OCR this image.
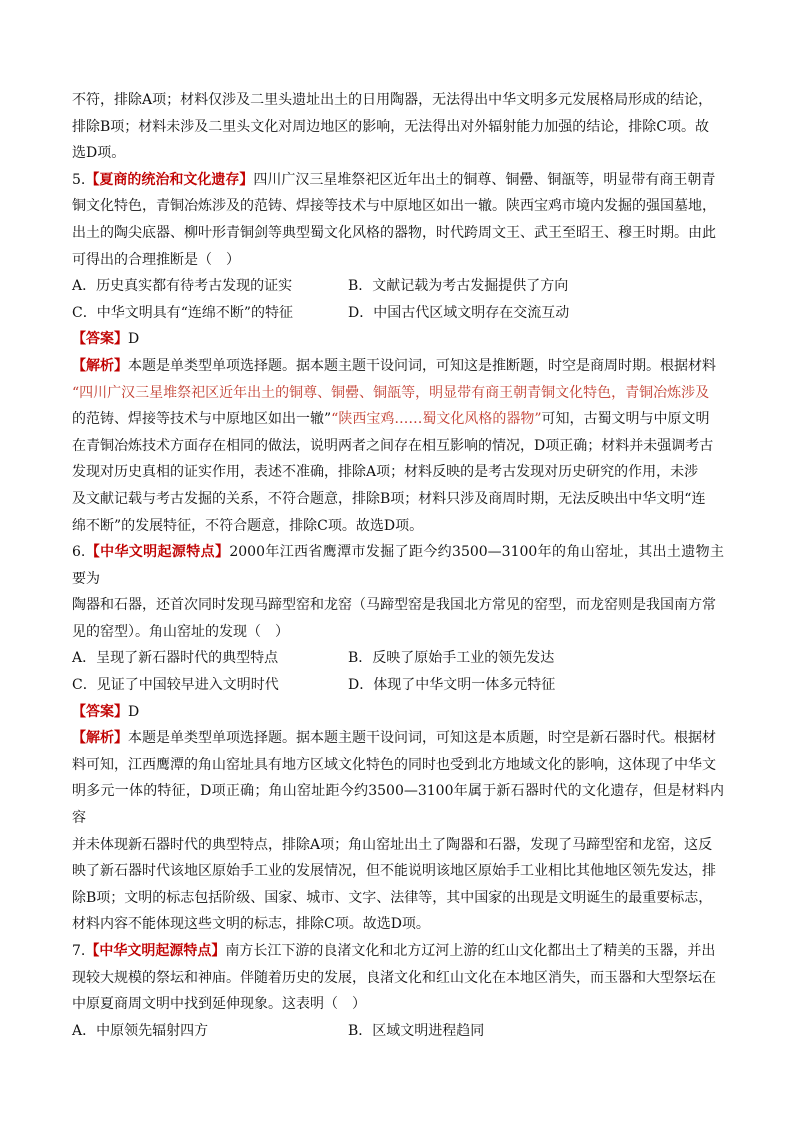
不符，排除A项；材料仅涉及二里头遗址出土的日用陶器，无法得出中华文明多元发展格局形成的结论，

排除B项；材料未涉及二里头文化对周边地区的影响，无法得出对外辐射能力加强的结论，排除C项。故

选D项。

5.【夏商的统治和文化遗存】四川广汉三星堆祭祀区近年出土的铜尊、铜罍、铜瓿等，明显带有商王朝青

铜文化特色，青铜冶炼涉及的范铸、焊接等技术与中原地区如出一辙。陕西宝鸡市境内发掘的强国墓地，

出土的陶尖底器、柳叶形青铜剑等典型蜀文化风格的器物，时代跨周文王、武王至昭王、穆王时期。由此

可得出的合理推断是（　）

A．历史真实都有待考古发现的证实	B．文献记载为考古发掘提供了方向
C．中华文明具有“连绵不断”的特征	D．中国古代区域文明存在交流互动

【答案】D

【解析】本题是单类型单项选择题。据本题主题干设问词，可知这是推断题，时空是商周时期。根据材料

“四川广汉三星堆祭祀区近年出土的铜尊、铜罍、铜瓿等，明显带有商王朝青铜文化特色，青铜冶炼涉及

的范铸、焊接等技术与中原地区如出一辙”“陕西宝鸡……蜀文化风格的器物”可知，古蜀文明与中原文明

在青铜冶炼技术方面存在相同的做法，说明两者之间存在相互影响的情况，D项正确；材料并未强调考古

发现对历史真相的证实作用，表述不准确，排除A项；材料反映的是考古发现对历史研究的作用，未涉

及文献记载与考古发掘的关系，不符合题意，排除B项；材料只涉及商周时期，无法反映出中华文明“连

绵不断”的发展特征，不符合题意，排除C项。故选D项。

6.【中华文明起源特点】2000年江西省鹰潭市发掘了距今约3500—3100年的角山窑址，其出土遗物主要为

陶器和石器，还首次同时发现马蹄型窑和龙窑（马蹄型窑是我国北方常见的窑型，而龙窑则是我国南方常

见的窑型）。角山窑址的发现（　）

A．呈现了新石器时代的典型特点	B．反映了原始手工业的领先发达
C．见证了中国较早进入文明时代	D．体现了中华文明一体多元特征

【答案】D

【解析】本题是单类型单项选择题。据本题主题干设问词，可知这是本质题，时空是新石器时代。根据材

料可知，江西鹰潭的角山窑址具有地方区域文化特色的同时也受到北方地域文化的影响，这体现了中华文

明多元一体的特征，D项正确；角山窑址距今约3500—3100年属于新石器时代的文化遗存，但是材料内容

并未体现新石器时代的典型特点，排除A项；角山窑址出土了陶器和石器，发现了马蹄型窑和龙窑，这反

映了新石器时代该地区原始手工业的发展情况，但不能说明该地区原始手工业相比其他地区领先发达，排

除B项；文明的标志包括阶级、国家、城市、文字、法律等，其中国家的出现是文明诞生的最重要标志，

材料内容不能体现这些文明的标志，排除C项。故选D项。

7.【中华文明起源特点】南方长江下游的良渚文化和北方辽河上游的红山文化都出土了精美的玉器，并出

现较大规模的祭坛和神庙。伴随着历史的发展，良渚文化和红山文化在本地区消失，而玉器和大型祭坛在

中原夏商周文明中找到延伸现象。这表明（　）

A．中原领先辐射四方	B．区域文明进程趋同
